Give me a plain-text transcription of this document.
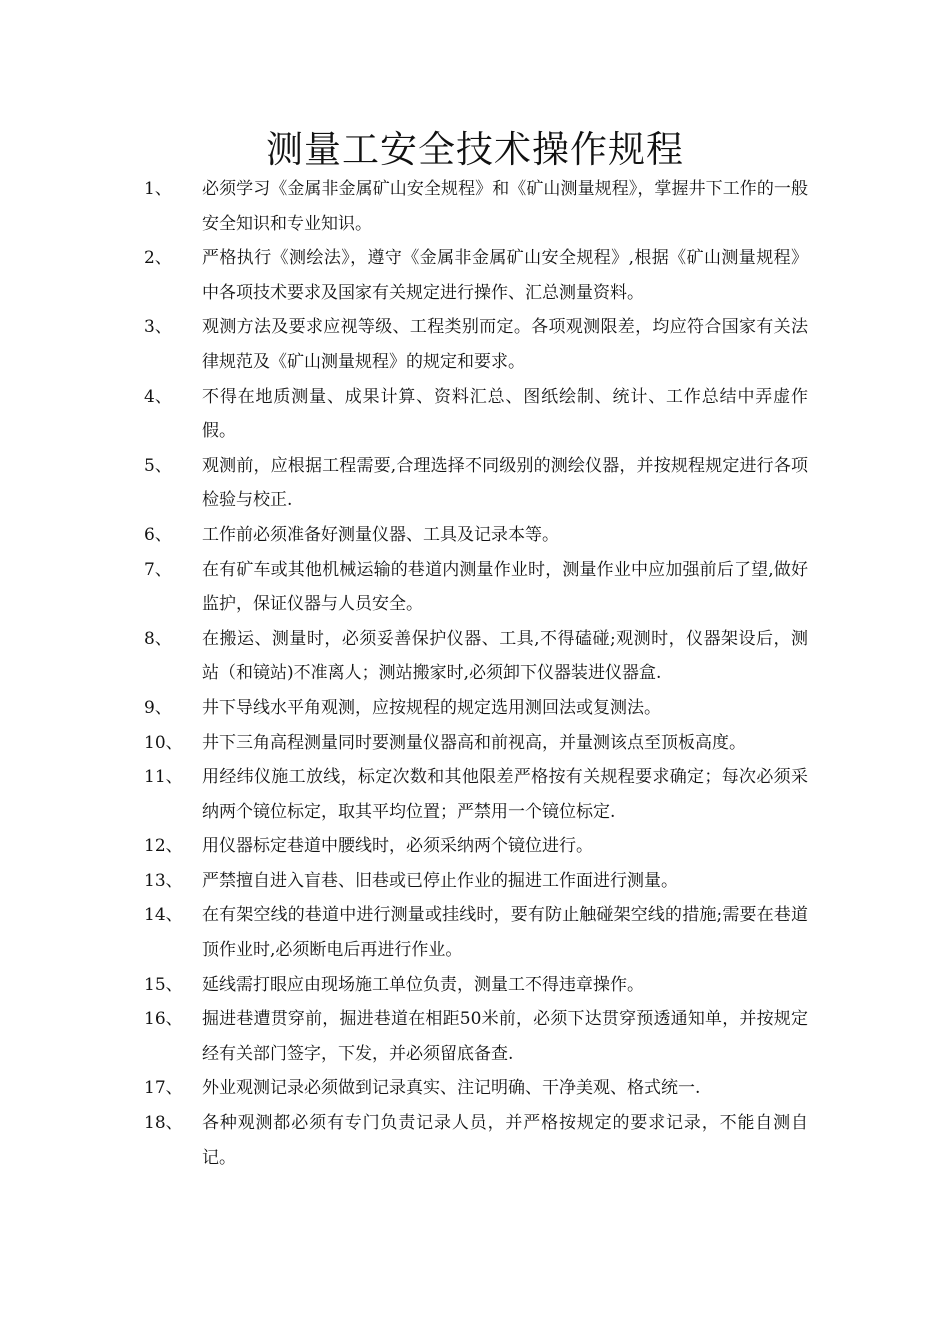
测量工安全技术操作规程
1、	必须学习《金属非金属矿山安全规程》和《矿山测量规程》，掌握井下工作的一般安全知识和专业知识。
2、	严格执行《测绘法》，遵守《金属非金属矿山安全规程》,根据《矿山测量规程》中各项技术要求及国家有关规定进行操作、汇总测量资料。
3、	观测方法及要求应视等级、工程类别而定。各项观测限差，均应符合国家有关法律规范及《矿山测量规程》的规定和要求。
4、	不得在地质测量、成果计算、资料汇总、图纸绘制、统计、工作总结中弄虚作假。
5、	观测前，应根据工程需要,合理选择不同级别的测绘仪器，并按规程规定进行各项检验与校正.
6、	工作前必须准备好测量仪器、工具及记录本等。
7、	在有矿车或其他机械运输的巷道内测量作业时，测量作业中应加强前后了望,做好监护，保证仪器与人员安全。
8、	在搬运、测量时，必须妥善保护仪器、工具,不得磕碰;观测时，仪器架设后，测站（和镜站)不准离人；测站搬家时,必须卸下仪器装进仪器盒.
9、	井下导线水平角观测，应按规程的规定选用测回法或复测法。
10、	井下三角高程测量同时要测量仪器高和前视高，并量测该点至顶板高度。
11、	用经纬仪施工放线，标定次数和其他限差严格按有关规程要求确定；每次必须采纳两个镜位标定，取其平均位置；严禁用一个镜位标定.
12、	用仪器标定巷道中腰线时，必须采纳两个镜位进行。
13、	严禁擅自进入盲巷、旧巷或已停止作业的掘进工作面进行测量。
14、	在有架空线的巷道中进行测量或挂线时，要有防止触碰架空线的措施;需要在巷道顶作业时,必须断电后再进行作业。
15、	延线需打眼应由现场施工单位负责，测量工不得违章操作。
16、	掘进巷遭贯穿前，掘进巷道在相距50米前，必须下达贯穿预透通知单，并按规定经有关部门签字，下发，并必须留底备查.
17、	外业观测记录必须做到记录真实、注记明确、干净美观、格式统一.
18、	各种观测都必须有专门负责记录人员，并严格按规定的要求记录，不能自测自记。
